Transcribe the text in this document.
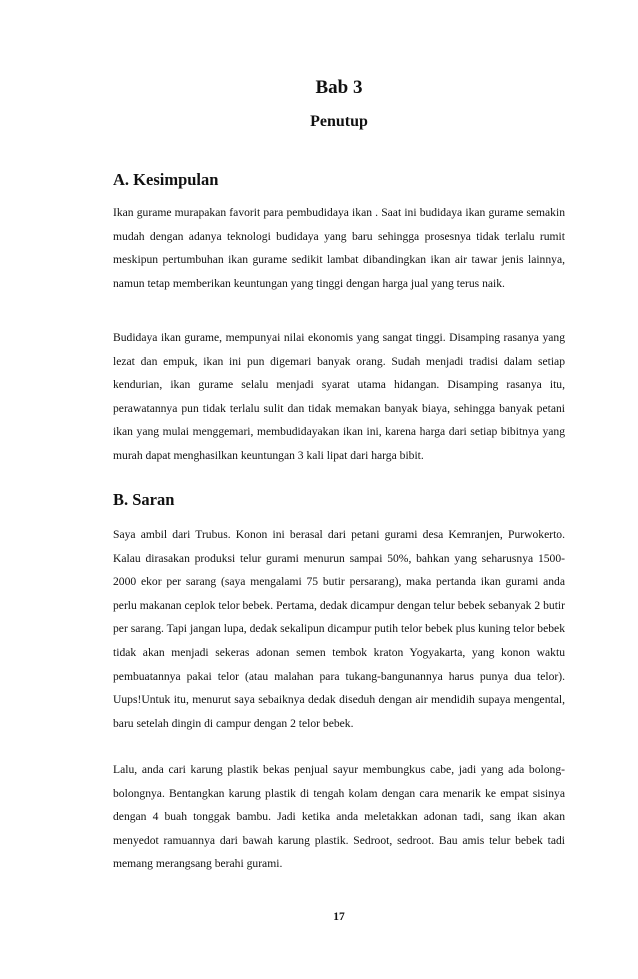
Bab 3
Penutup
A. Kesimpulan

Ikan gurame murapakan favorit para pembudidaya ikan . Saat ini budidaya ikan gurame semakin mudah dengan adanya teknologi budidaya yang baru sehingga prosesnya tidak terlalu rumit meskipun pertumbuhan ikan gurame sedikit lambat dibandingkan ikan air tawar jenis lainnya, namun tetap memberikan keuntungan yang tinggi dengan harga jual yang terus naik.

Budidaya ikan gurame, mempunyai nilai ekonomis yang sangat tinggi. Disamping rasanya yang lezat dan empuk, ikan ini pun digemari banyak orang. Sudah menjadi tradisi dalam setiap kendurian, ikan gurame selalu menjadi syarat utama hidangan. Disamping rasanya itu, perawatannya pun tidak terlalu sulit dan tidak memakan banyak biaya, sehingga banyak petani ikan yang mulai menggemari, membudidayakan ikan ini, karena harga dari setiap bibitnya yang murah dapat menghasilkan keuntungan 3 kali lipat dari harga bibit.

B. Saran

Saya ambil dari Trubus. Konon ini berasal dari petani gurami desa Kemranjen, Purwokerto. Kalau dirasakan produksi telur gurami menurun sampai 50%, bahkan yang seharusnya 1500-2000 ekor per sarang (saya mengalami 75 butir persarang), maka pertanda ikan gurami anda perlu makanan ceplok telor bebek. Pertama, dedak dicampur dengan telur bebek sebanyak 2 butir per sarang. Tapi jangan lupa, dedak sekalipun dicampur putih telor bebek plus kuning telor bebek tidak akan menjadi sekeras adonan semen tembok kraton Yogyakarta, yang konon waktu pembuatannya pakai telor (atau malahan para tukang-bangunannya harus punya dua telor). Uups!Untuk itu, menurut saya sebaiknya dedak diseduh dengan air mendidih supaya mengental, baru setelah dingin di campur dengan 2 telor bebek.

Lalu, anda cari karung plastik bekas penjual sayur membungkus cabe, jadi yang ada bolong-bolongnya. Bentangkan karung plastik di tengah kolam dengan cara menarik ke empat sisinya dengan 4 buah tonggak bambu. Jadi ketika anda meletakkan adonan tadi, sang ikan akan menyedot ramuannya dari bawah karung plastik. Sedroot, sedroot. Bau amis telur bebek tadi memang merangsang berahi gurami.

17
